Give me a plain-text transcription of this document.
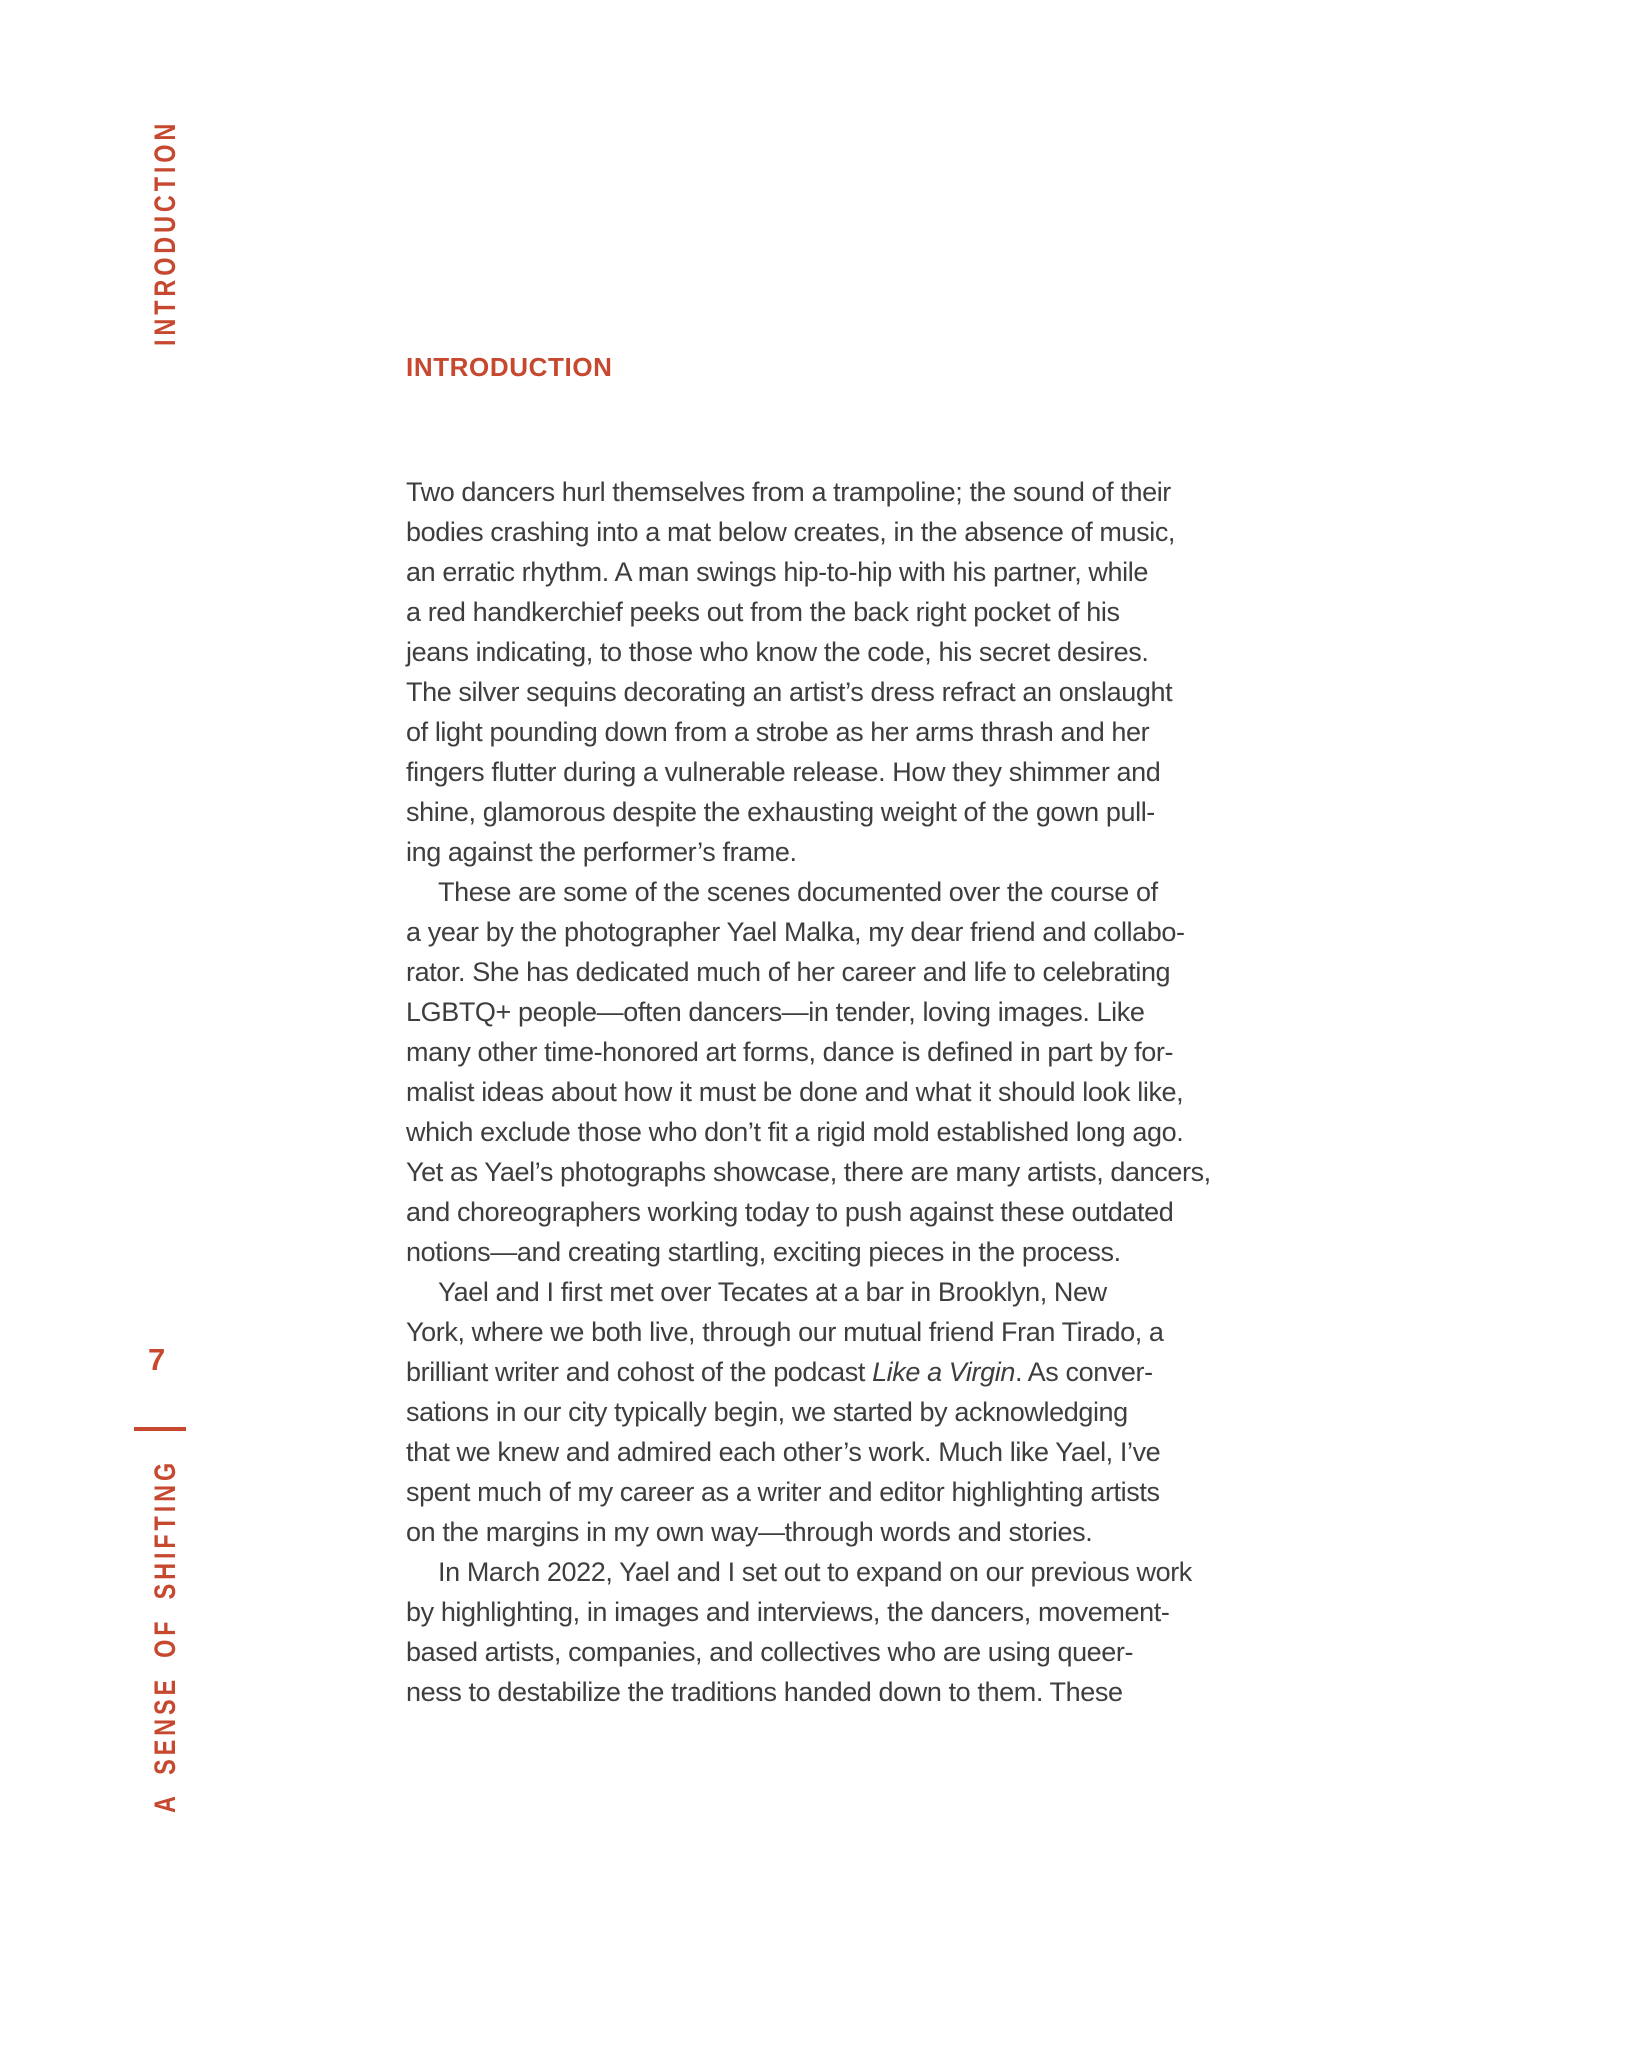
INTRODUCTION
7
A SENSE OF SHIFTING
INTRODUCTION
Two dancers hurl themselves from a trampoline; the sound of their
bodies crashing into a mat below creates, in the absence of music,
an erratic rhythm. A man swings hip-to-hip with his partner, while
a red handkerchief peeks out from the back right pocket of his
jeans indicating, to those who know the code, his secret desires.
The silver sequins decorating an artist’s dress refract an onslaught
of light pounding down from a strobe as her arms thrash and her
fingers flutter during a vulnerable release. How they shimmer and
shine, glamorous despite the exhausting weight of the gown pull-
ing against the performer’s frame.
These are some of the scenes documented over the course of
a year by the photographer Yael Malka, my dear friend and collabo-
rator. She has dedicated much of her career and life to celebrating
LGBTQ+ people—often dancers—in tender, loving images. Like
many other time-honored art forms, dance is defined in part by for-
malist ideas about how it must be done and what it should look like,
which exclude those who don’t fit a rigid mold established long ago.
Yet as Yael’s photographs showcase, there are many artists, dancers,
and choreographers working today to push against these outdated
notions—and creating startling, exciting pieces in the process.
Yael and I first met over Tecates at a bar in Brooklyn, New
York, where we both live, through our mutual friend Fran Tirado, a
brilliant writer and cohost of the podcast Like a Virgin. As conver-
sations in our city typically begin, we started by acknowledging
that we knew and admired each other’s work. Much like Yael, I’ve
spent much of my career as a writer and editor highlighting artists
on the margins in my own way—through words and stories.
In March 2022, Yael and I set out to expand on our previous work
by highlighting, in images and interviews, the dancers, movement-
based artists, companies, and collectives who are using queer-
ness to destabilize the traditions handed down to them. These
